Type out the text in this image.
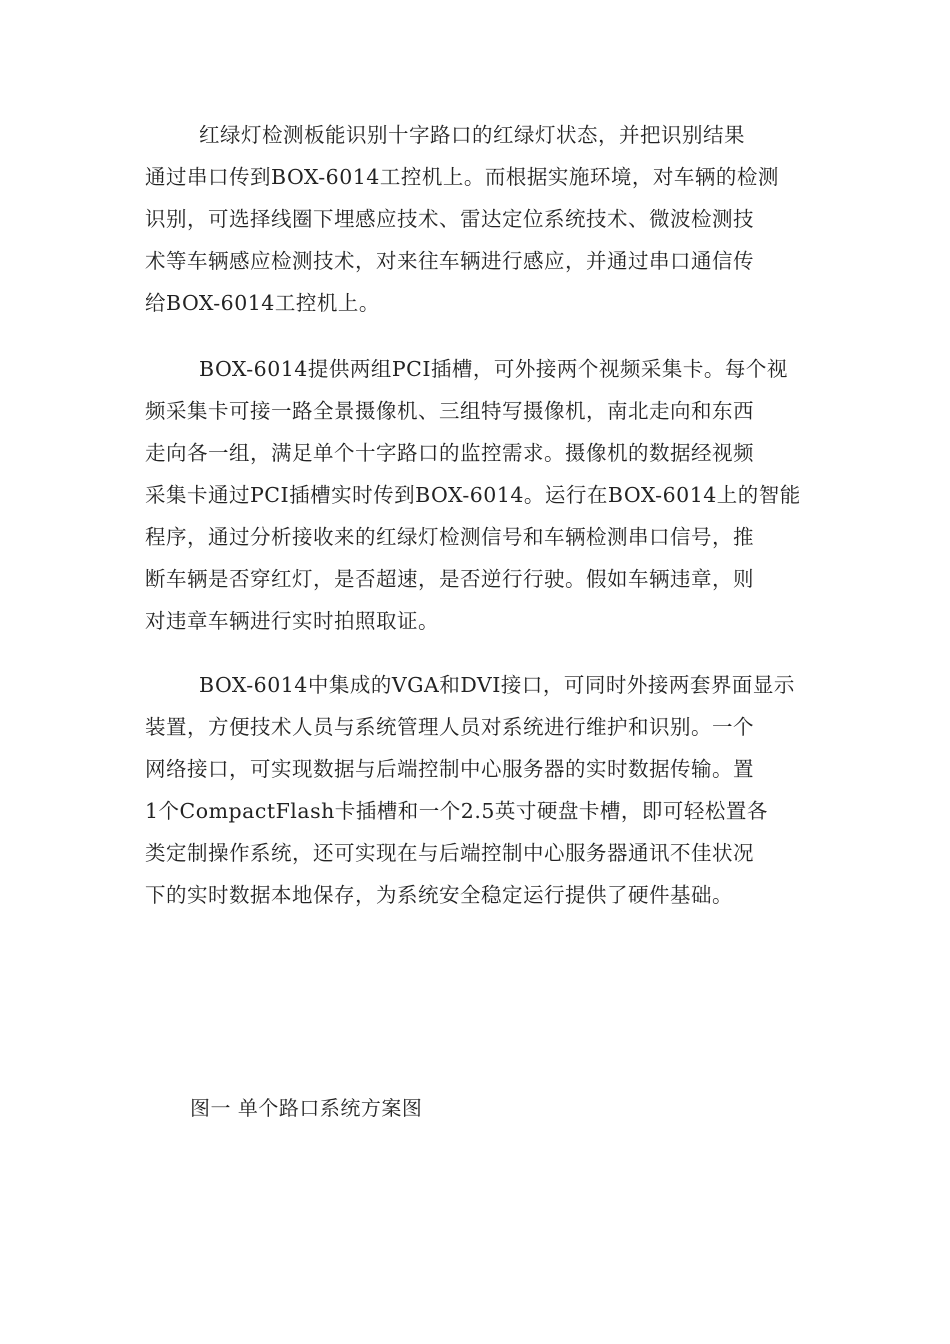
红绿灯检测板能识别十字路口的红绿灯状态，并把识别结果
通过串口传到BOX-6014工控机上。而根据实施环境，对车辆的检测
识别，可选择线圈下埋感应技术、雷达定位系统技术、微波检测技
术等车辆感应检测技术，对来往车辆进行感应，并通过串口通信传
给BOX-6014工控机上。

BOX-6014提供两组PCI插槽，可外接两个视频采集卡。每个视
频采集卡可接一路全景摄像机、三组特写摄像机，南北走向和东西
走向各一组，满足单个十字路口的监控需求。摄像机的数据经视频
采集卡通过PCI插槽实时传到BOX-6014。运行在BOX-6014上的智能
程序，通过分析接收来的红绿灯检测信号和车辆检测串口信号，推
断车辆是否穿红灯，是否超速，是否逆行行驶。假如车辆违章，则
对违章车辆进行实时拍照取证。

BOX-6014中集成的VGA和DVI接口，可同时外接两套界面显示
装置，方便技术人员与系统管理人员对系统进行维护和识别。一个
网络接口，可实现数据与后端控制中心服务器的实时数据传输。置
1个CompactFlash卡插槽和一个2.5英寸硬盘卡槽，即可轻松置各
类定制操作系统，还可实现在与后端控制中心服务器通讯不佳状况
下的实时数据本地保存，为系统安全稳定运行提供了硬件基础。

图一 单个路口系统方案图
